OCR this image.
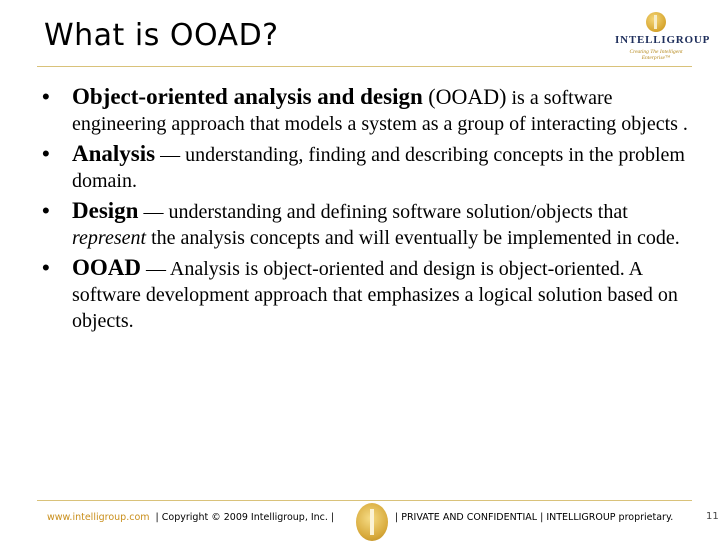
What is OOAD?	INTELLIGROUP
Creating The Intelligent Enterprise™
• Object-oriented analysis and design (OOAD) is a software engineering approach that models a system as a group of interacting objects .
• Analysis — understanding, finding and describing concepts in the problem domain.
• Design — understanding and defining software solution/objects that represent the analysis concepts and will eventually be implemented in code.
• OOAD — Analysis is object-oriented and design is object-oriented. A software development approach that emphasizes a logical solution based on objects.
www.intelligroup.com | Copyright © 2009 Intelligroup, Inc. |	| PRIVATE AND CONFIDENTIAL | INTELLIGROUP proprietary.	11
